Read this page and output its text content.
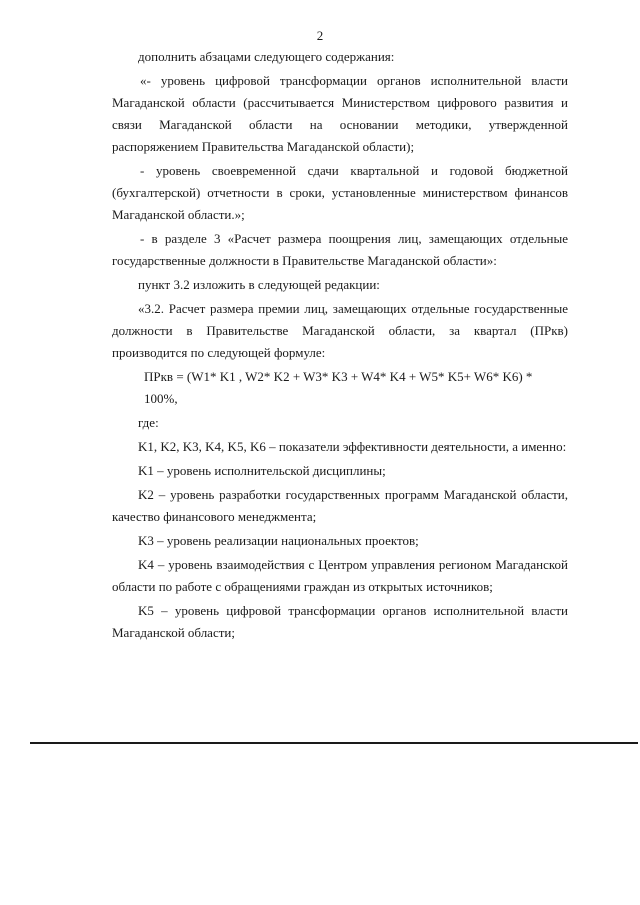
2

дополнить абзацами следующего содержания:

«- уровень цифровой трансформации органов исполнительной власти Магаданской области (рассчитывается Министерством цифрового развития и связи Магаданской области на основании методики, утвержденной распоряжением Правительства Магаданской области);

- уровень своевременной сдачи квартальной и годовой бюджетной (бухгалтерской) отчетности в сроки, установленные министерством финансов Магаданской области.»;

- в разделе 3 «Расчет размера поощрения лиц, замещающих отдельные государственные должности в Правительстве Магаданской области»:

пункт 3.2 изложить в следующей редакции:

«3.2. Расчет размера премии лиц, замещающих отдельные государственные должности в Правительстве Магаданской области, за квартал (ПРкв) производится по следующей формуле:

ПРкв = (W1* K1 , W2* K2 + W3* K3 + W4* K4 + W5* K5+ W6* K6) * 100%,

где:

K1, K2, K3, K4, K5, K6 – показатели эффективности деятельности, а именно:

K1 – уровень исполнительской дисциплины;

K2 – уровень разработки государственных программ Магаданской области, качество финансового менеджмента;

K3 – уровень реализации национальных проектов;

K4 – уровень взаимодействия с Центром управления регионом Магаданской области по работе с обращениями граждан из открытых источников;

K5 – уровень цифровой трансформации органов исполнительной власти Магаданской области;
